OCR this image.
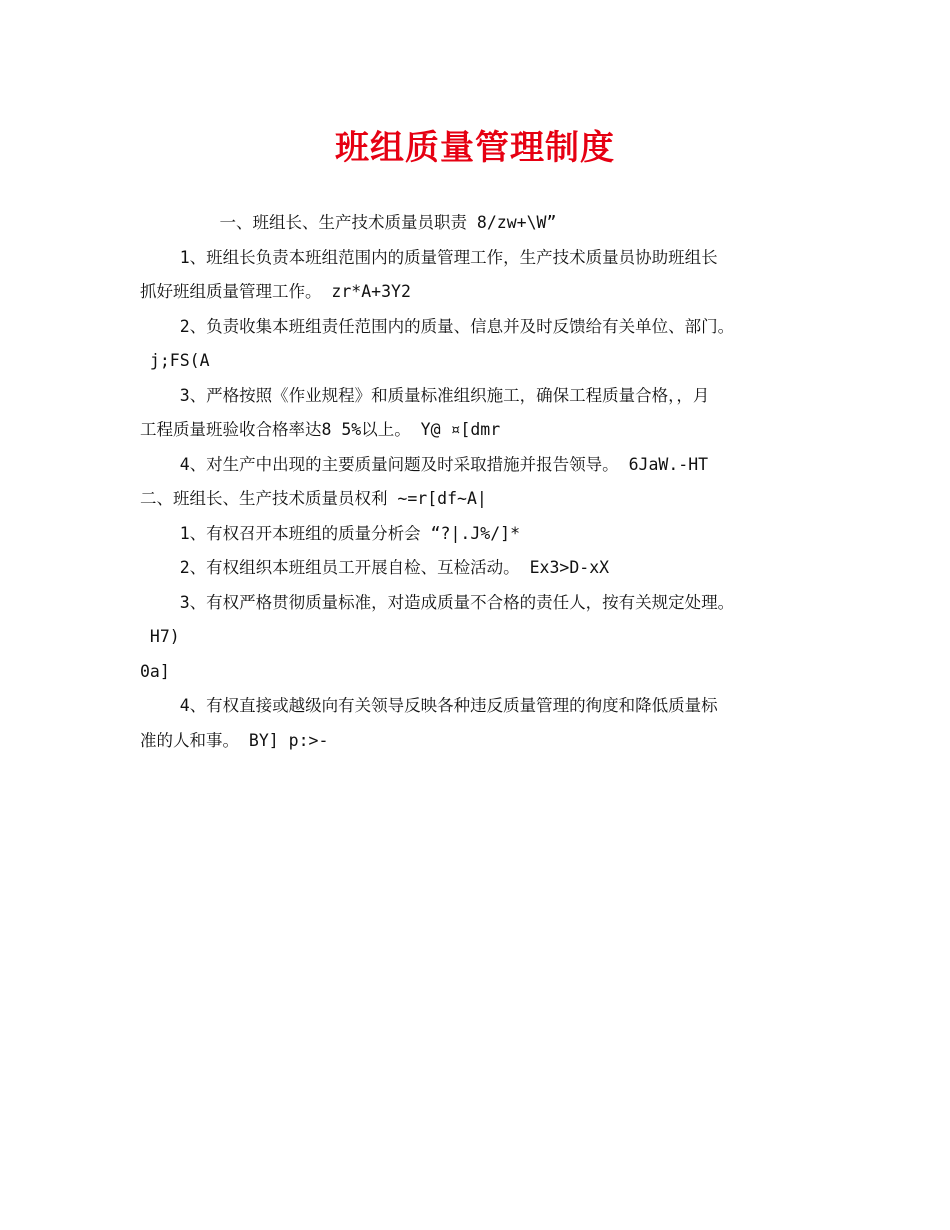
班组质量管理制度

一、班组长、生产技术质量员职责 8/zw+\W”

1、班组长负责本班组范围内的质量管理工作，生产技术质量员协助班组长

抓好班组质量管理工作。 zr*A+3Y2

2、负责收集本班组责任范围内的质量、信息并及时反馈给有关单位、部门。

j;FS(A

3、严格按照《作业规程》和质量标准组织施工，确保工程质量合格，，月

工程质量班验收合格率达8 5%以上。 Y@ ¤[dmr

4、对生产中出现的主要质量问题及时采取措施并报告领导。 6JaW.-HT

二、班组长、生产技术质量员权利 ~=r[df~A|

1、有权召开本班组的质量分析会 “?|.J%/]*

2、有权组织本班组员工开展自检、互检活动。 Ex3>D-xX

3、有权严格贯彻质量标准，对造成质量不合格的责任人，按有关规定处理。

H7)

0a]

4、有权直接或越级向有关领导反映各种违反质量管理的徇度和降低质量标

准的人和事。 BY] p:>-
